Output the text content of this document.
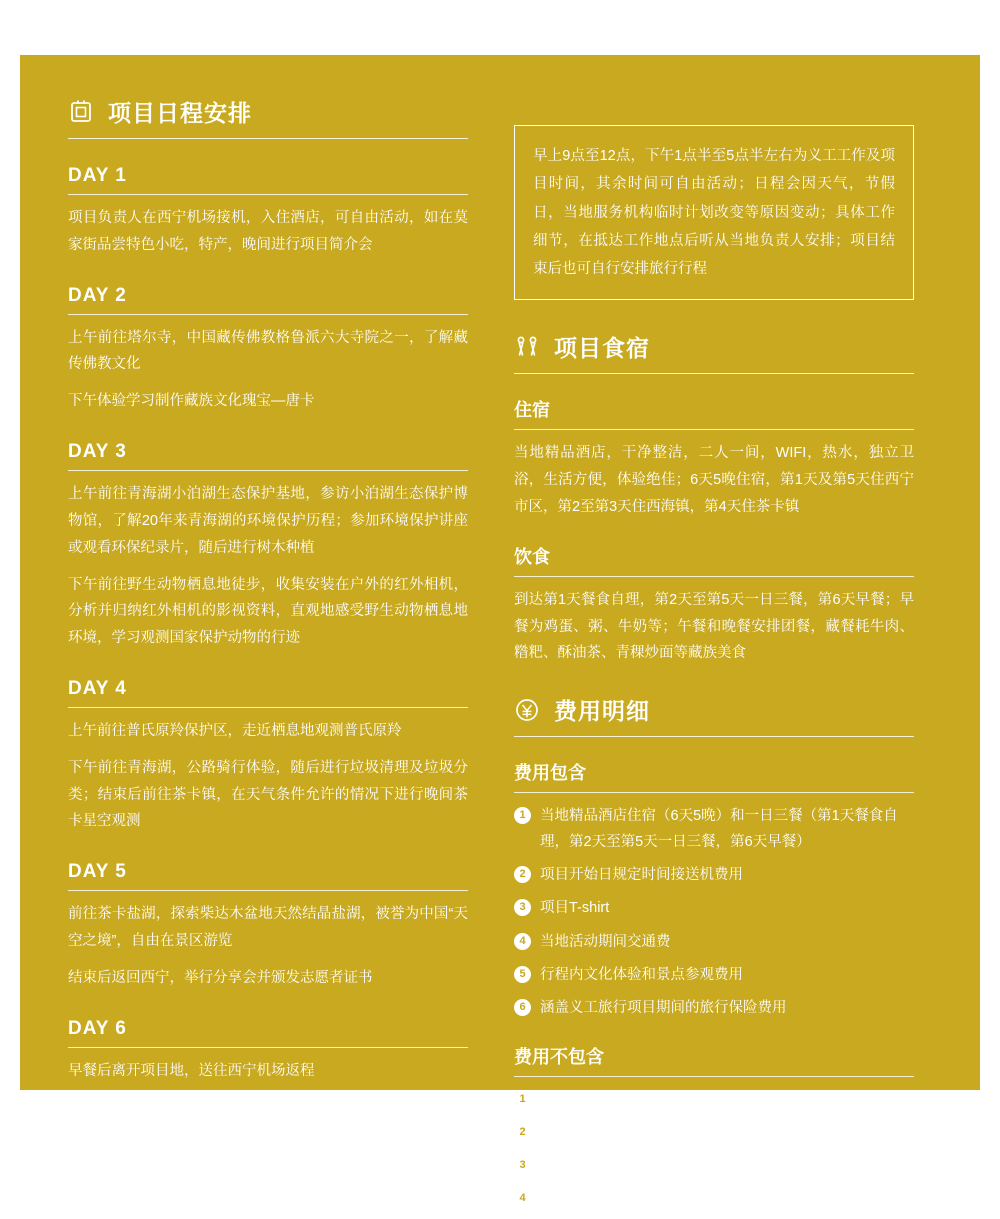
项目日程安排
DAY 1

项目负责人在西宁机场接机，入住酒店，可自由活动，如在莫家街品尝特色小吃，特产，晚间进行项目简介会

DAY 2

上午前往塔尔寺，中国藏传佛教格鲁派六大寺院之一，了解藏传佛教文化

下午体验学习制作藏族文化瑰宝—唐卡

DAY 3

上午前往青海湖小泊湖生态保护基地，参访小泊湖生态保护博物馆，了解20年来青海湖的环境保护历程；参加环境保护讲座或观看环保纪录片，随后进行树木种植

下午前往野生动物栖息地徒步，收集安装在户外的红外相机，分析并归纳红外相机的影视资料，直观地感受野生动物栖息地环境，学习观测国家保护动物的行迹

DAY 4

上午前往普氏原羚保护区，走近栖息地观测普氏原羚

下午前往青海湖，公路骑行体验，随后进行垃圾清理及垃圾分类；结束后前往茶卡镇，在天气条件允许的情况下进行晚间茶卡星空观测

DAY 5

前往茶卡盐湖，探索柴达木盆地天然结晶盐湖，被誉为中国“天空之境”，自由在景区游览

结束后返回西宁，举行分享会并颁发志愿者证书

DAY 6

早餐后离开项目地，送往西宁机场返程

早上9点至12点，下午1点半至5点半左右为义工工作及项目时间，其余时间可自由活动；日程会因天气，节假日，当地服务机构临时计划改变等原因变动；具体工作细节，在抵达工作地点后听从当地负责人安排；项目结束后也可自行安排旅行行程

项目食宿
住宿

当地精品酒店，干净整洁，二人一间，WIFI，热水，独立卫浴，生活方便，体验绝佳；6天5晚住宿，第1天及第5天住西宁市区，第2至第3天住西海镇，第4天住茶卡镇

饮食

到达第1天餐食自理，第2天至第5天一日三餐，第6天早餐；早餐为鸡蛋、粥、牛奶等；午餐和晚餐安排团餐，藏餐耗牛肉、糌粑、酥油茶、青稞炒面等藏族美食

费用明细
费用包含
1 当地精品酒店住宿（6天5晚）和一日三餐（第1天餐食自理，第2天至第5天一日三餐，第6天早餐）
2 项目开始日规定时间接送机费用
3 项目T-shirt
4 当地活动期间交通费
5 行程内文化体验和景点参观费用
6 涵盖义工旅行项目期间的旅行保险费用
费用不包含
1 项目规定时间外的食宿费用
2 往返机票费
3 个人消费
4 第1天晚餐
